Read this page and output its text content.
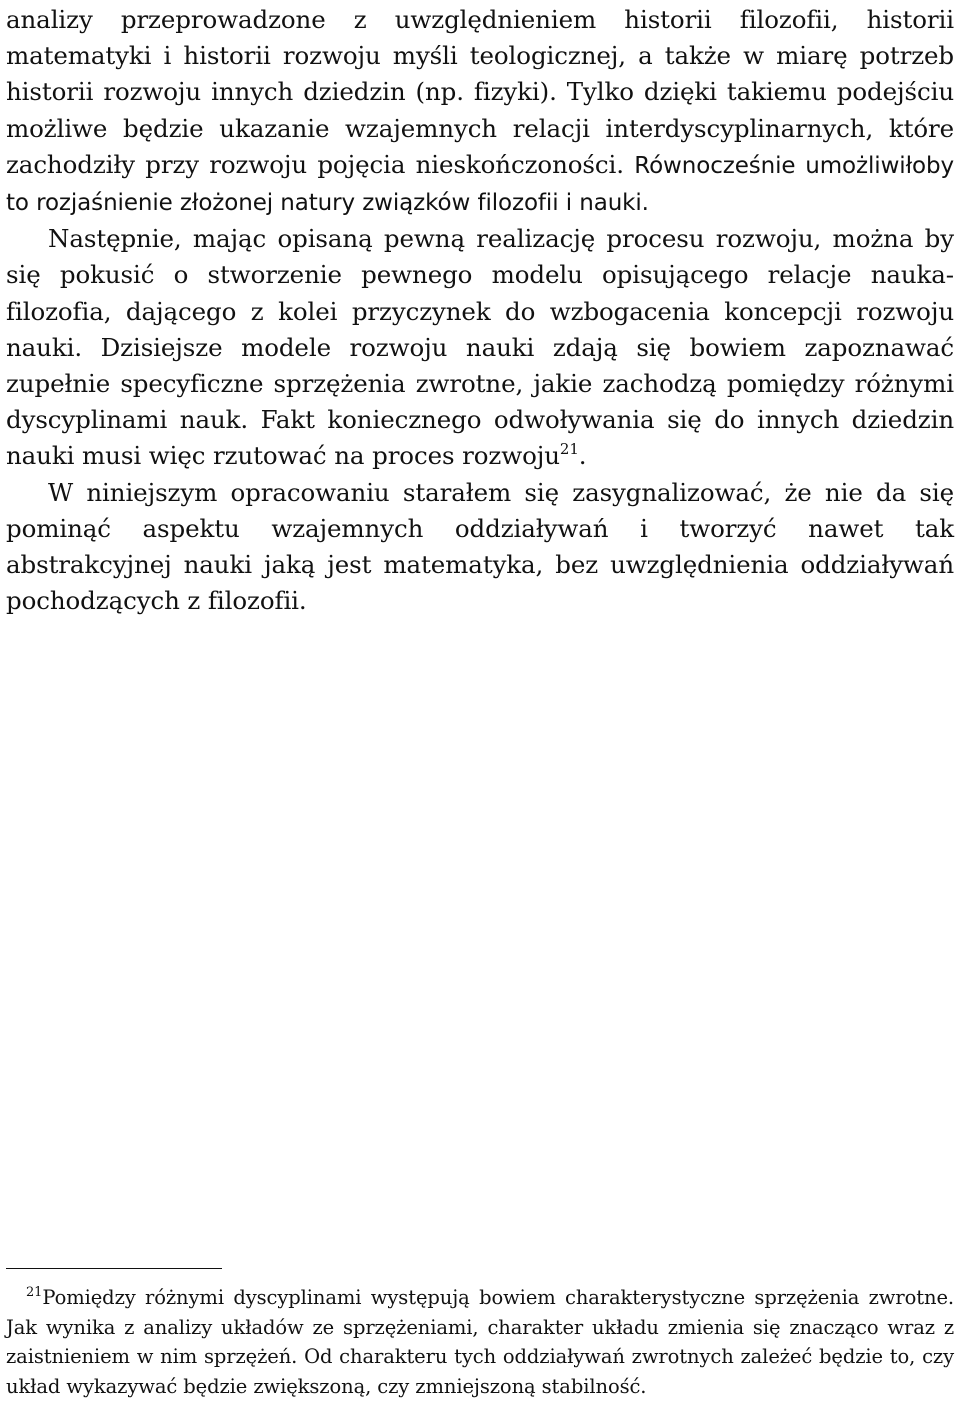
analizy przeprowadzone z uwzględnieniem historii filozofii, historii matematyki i historii rozwoju myśli teologicznej, a także w miarę potrzeb historii rozwoju innych dziedzin (np. fizyki). Tylko dzięki takiemu podejściu możliwe będzie ukazanie wzajemnych relacji interdyscyplinarnych, które zachodziły przy rozwoju pojęcia nieskończoności. Równocześnie umożliwiłoby to rozjaśnienie złożonej natury związków filozofii i nauki.

Następnie, mając opisaną pewną realizację procesu rozwoju, można by się pokusić o stworzenie pewnego modelu opisującego relacje nauka-filozofia, dającego z kolei przyczynek do wzbogacenia koncepcji rozwoju nauki. Dzisiejsze modele rozwoju nauki zdają się bowiem zapoznawać zupełnie specyficzne sprzężenia zwrotne, jakie zachodzą pomiędzy różnymi dyscyplinami nauk. Fakt koniecznego odwoływania się do innych dziedzin nauki musi więc rzutować na proces rozwoju$^{21}$.

W niniejszym opracowaniu starałem się zasygnalizować, że nie da się pominąć aspektu wzajemnych oddziaływań i tworzyć nawet tak abstrakcyjnej nauki jaką jest matematyka, bez uwzględnienia oddziaływań pochodzących z filozofii.

$^{21}$Pomiędzy różnymi dyscyplinami występują bowiem charakterystyczne sprzężenia zwrotne. Jak wynika z analizy układów ze sprzężeniami, charakter układu zmienia się znacząco wraz z zaistnieniem w nim sprzężeń. Od charakteru tych oddziaływań zwrotnych zależeć będzie to, czy układ wykazywać będzie zwiększoną, czy zmniejszoną stabilność.
